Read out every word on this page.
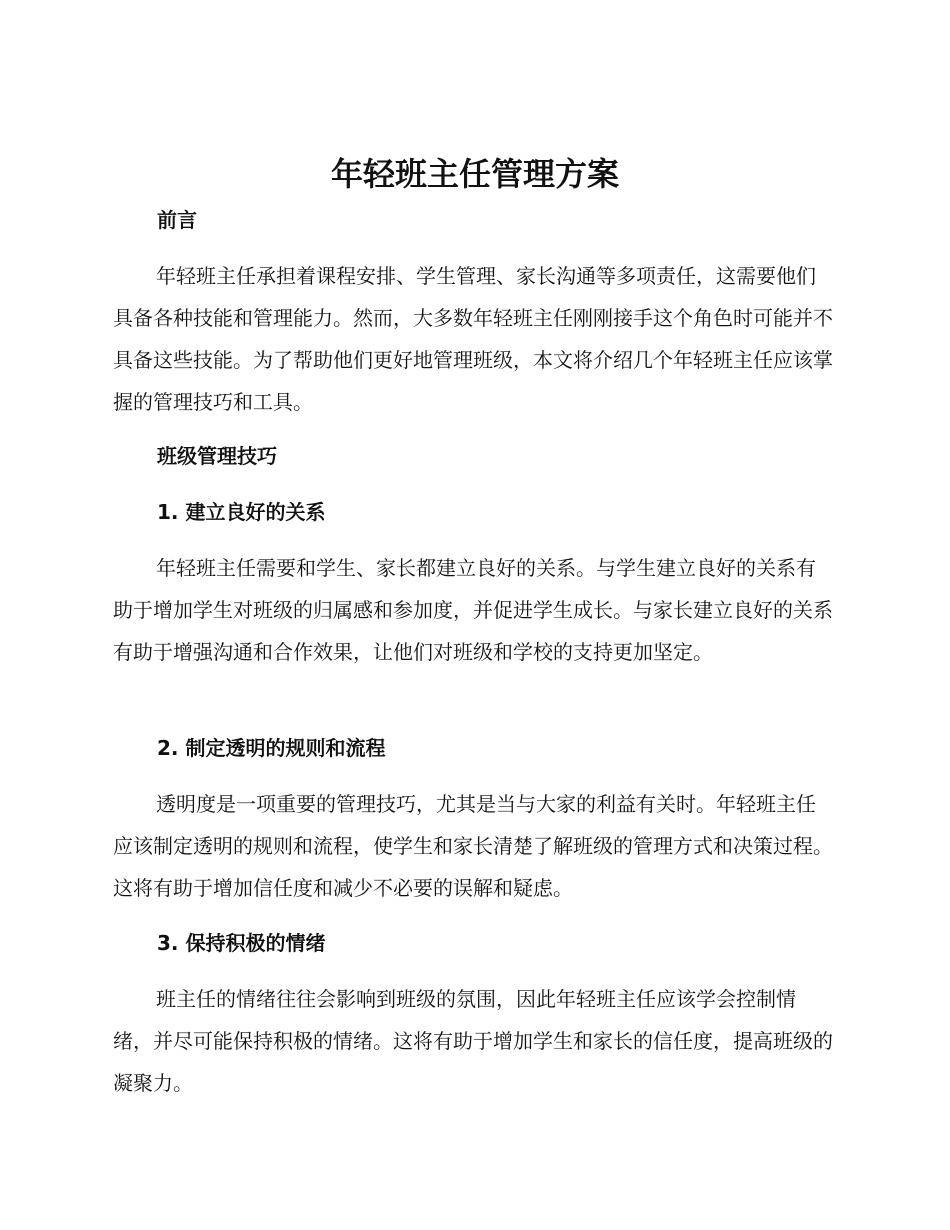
年轻班主任管理方案
前言

年轻班主任承担着课程安排、学生管理、家长沟通等多项责任，这需要他们具备各种技能和管理能力。然而，大多数年轻班主任刚刚接手这个角色时可能并不具备这些技能。为了帮助他们更好地管理班级，本文将介绍几个年轻班主任应该掌握的管理技巧和工具。

班级管理技巧
1. 建立良好的关系

年轻班主任需要和学生、家长都建立良好的关系。与学生建立良好的关系有助于增加学生对班级的归属感和参加度，并促进学生成长。与家长建立良好的关系有助于增强沟通和合作效果，让他们对班级和学校的支持更加坚定。

2. 制定透明的规则和流程

透明度是一项重要的管理技巧，尤其是当与大家的利益有关时。年轻班主任应该制定透明的规则和流程，使学生和家长清楚了解班级的管理方式和决策过程。这将有助于增加信任度和减少不必要的误解和疑虑。

3. 保持积极的情绪

班主任的情绪往往会影响到班级的氛围，因此年轻班主任应该学会控制情绪，并尽可能保持积极的情绪。这将有助于增加学生和家长的信任度，提高班级的凝聚力。
